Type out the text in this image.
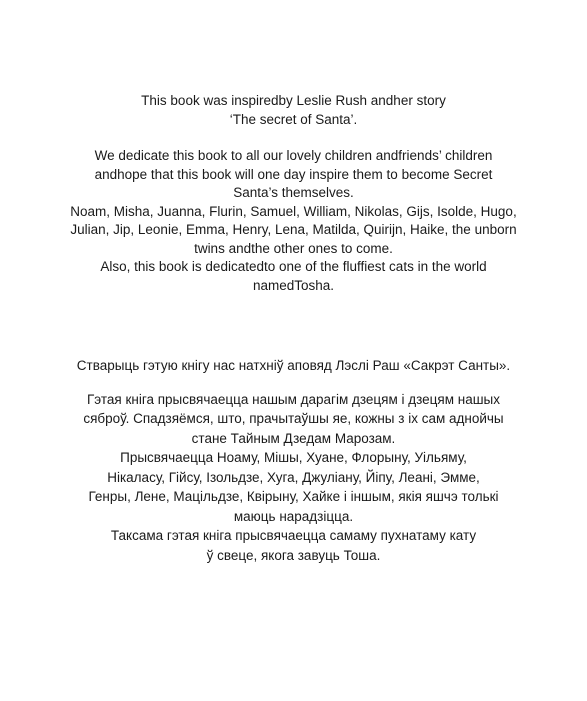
This book was inspiredby Leslie Rush andher story
‘The secret of Santa’.
We dedicate this book to all our lovely children andfriends’ children
andhope that this book will one day inspire them to become Secret
Santa’s themselves.
Noam, Misha, Juanna, Flurin, Samuel, William, Nikolas, Gijs, Isolde, Hugo,
Julian, Jip, Leonie, Emma, Henry, Lena, Matilda, Quirijn, Haike, the unborn
twins andthe other ones to come.
Also, this book is dedicatedto one of the fluffiest cats in the world
namedTosha.
Стварыць гэтую кнігу нас натхніў аповяд Лэслі Раш «Сакрэт Санты».
Гэтая кніга прысвячаецца нашым дарагім дзецям і дзецям нашых
сяброў. Спадзяёмся, што, прачытаўшы яе, кожны з іх сам аднойчы
стане Тайным Дзедам Марозам.
Прысвячаецца Ноаму, Мішы, Хуане, Флорыну, Уільяму,
Нікаласу, Гійсу, Ізольдзе, Хуга, Джуліану, Йіпу, Леані, Эмме,
Генры, Лене, Мацільдзе, Квірыну, Хайке і іншым, якія яшчэ толькі
маюць нарадзіцца.
Таксама гэтая кніга прысвячаецца самаму пухнатаму кату
ў свеце, якога завуць Тоша.
